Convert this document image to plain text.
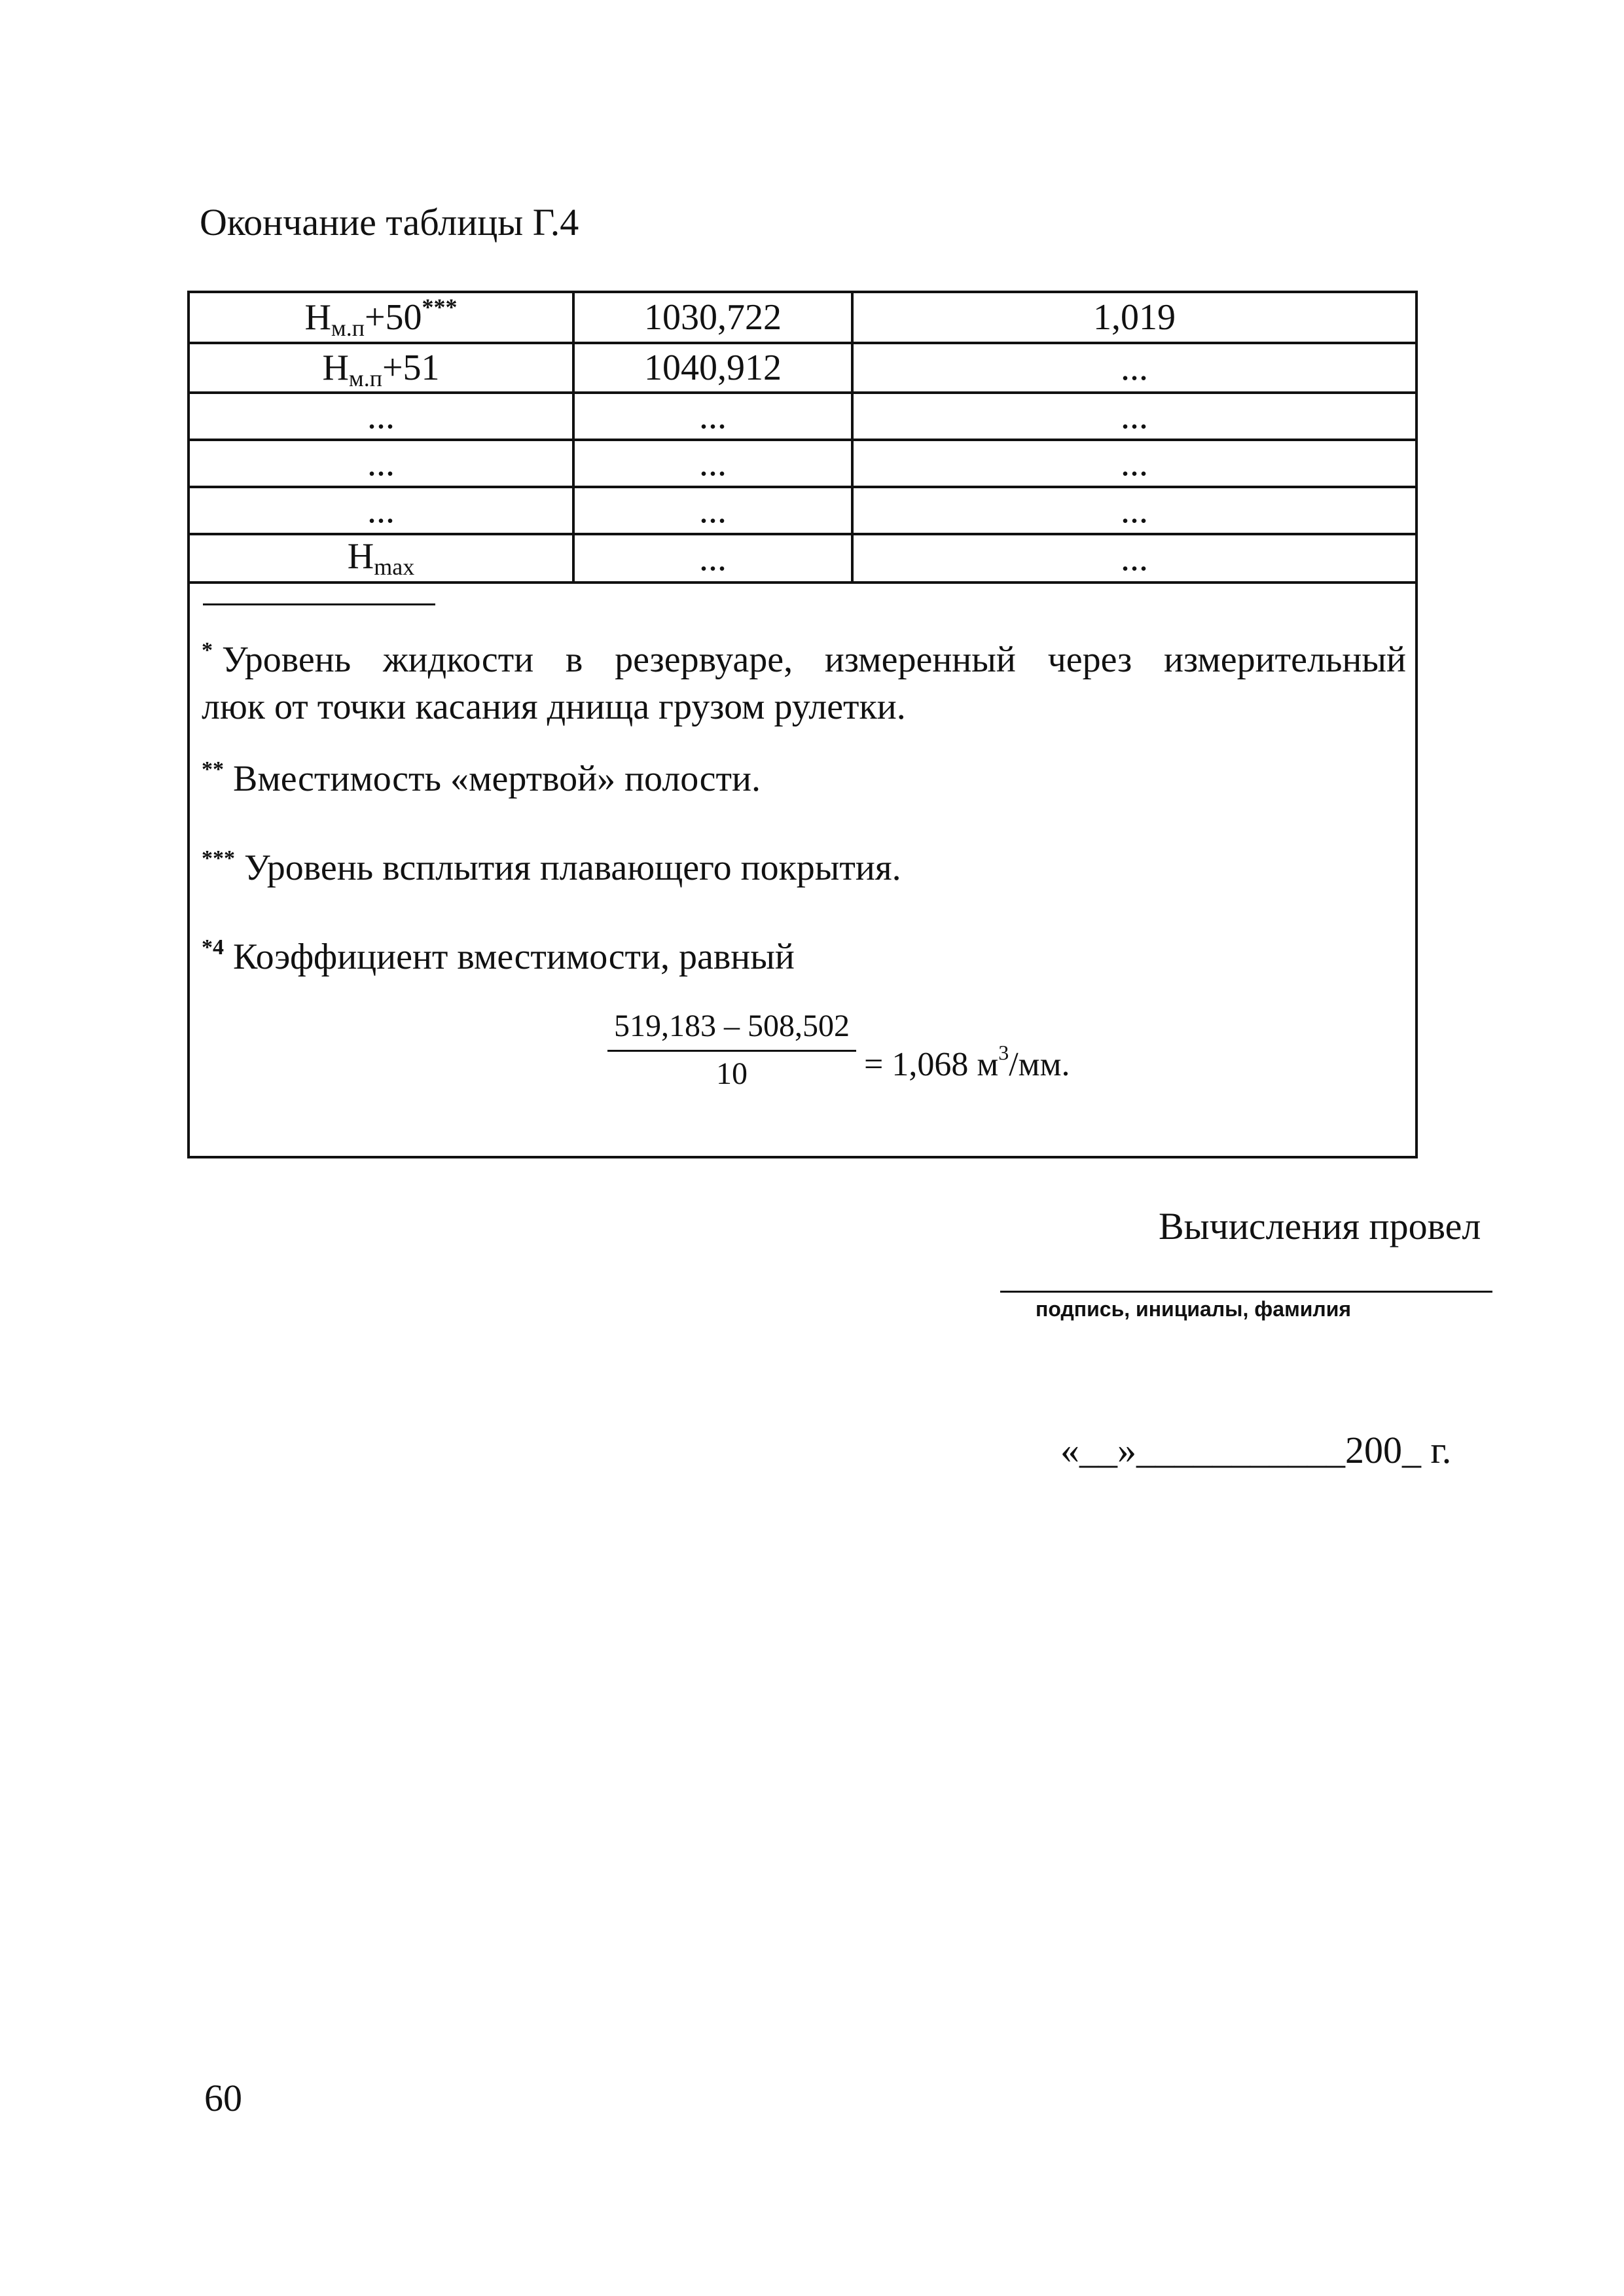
Окончание таблицы Г.4
$H_{м.п}+50^{***}$	1030,722	1,019
$H_{м.п}+51$	1040,912	...
...	...	...
...	...	...
...	...	...
$H_{max}$	...	...
* Уровень жидкости в резервуаре, измеренный через измерительный
люк от точки касания днища грузом рулетки.
** Вместимость «мертвой» полости.
*** Уровень всплытия плавающего покрытия.
$^{*4}$ Коэффициент вместимости, равный
$\frac{519,183 - 508,502}{10} = 1,068$ $м^3/мм$.
Вычисления провел
подпись, инициалы, фамилия
«__»___________200_ г.
60
